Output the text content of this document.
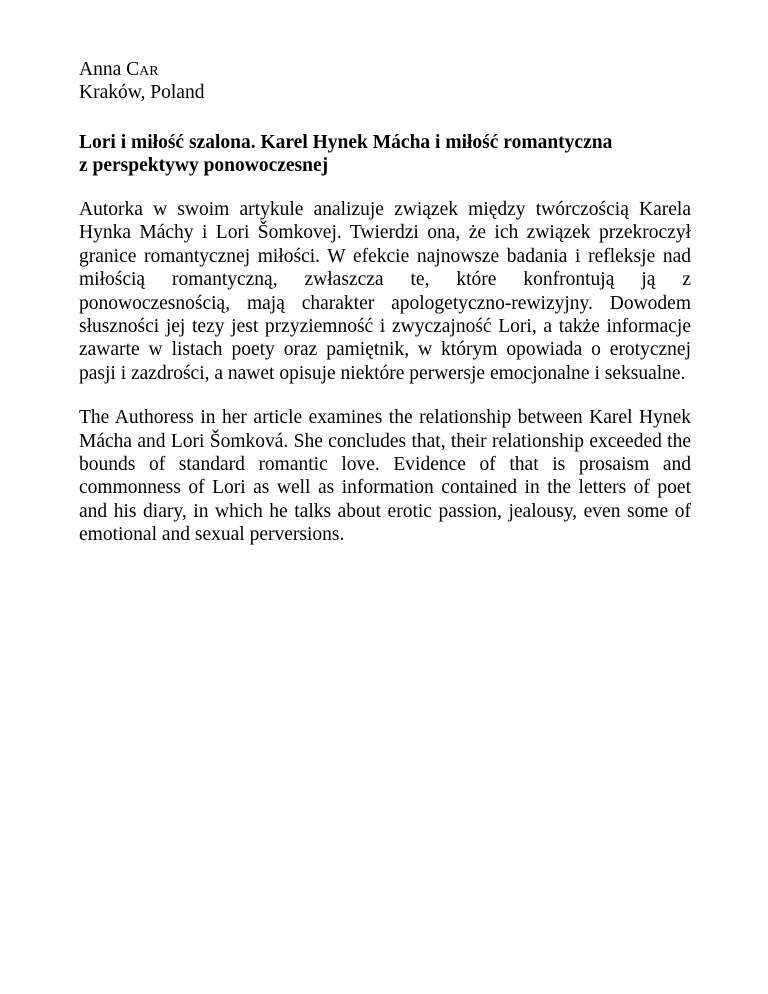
Anna Car

Kraków, Poland

Lori i miłość szalona. Karel Hynek Mácha i miłość romantyczna
z perspektywy ponowoczesnej

Autorka w swoim artykule analizuje związek między twórczością Karela Hynka Máchy i Lori Šomkovej. Twierdzi ona, że ich związek przekroczył granice romantycznej miłości. W efekcie najnowsze badania i refleksje nad miłością romantyczną, zwłaszcza te, które konfrontują ją z ponowoczesnością, mają charakter apologetyczno-rewizyjny. Dowodem słuszności jej tezy jest przyziemność i zwyczajność Lori, a także informacje zawarte w listach poety oraz pamiętnik, w którym opowiada o erotycznej pasji i zazdrości, a nawet opisuje niektóre perwersje emocjonalne i seksualne.

The Authoress in her article examines the relationship between Karel Hynek Mácha and Lori Šomková. She concludes that, their relationship exceeded the bounds of standard romantic love. Evidence of that is prosaism and commonness of Lori as well as information contained in the letters of poet and his diary, in which he talks about erotic passion, jealousy, even some of emotional and sexual perversions.
